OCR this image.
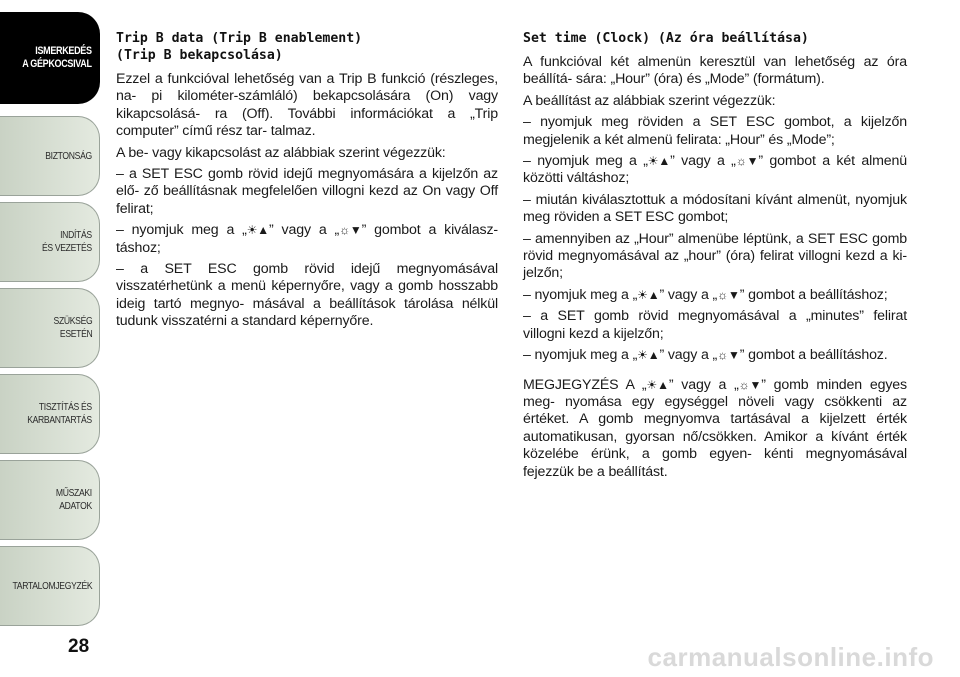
ISMERKEDÉS
A GÉPKOCSIVAL
BIZTONSÁG
INDÍTÁS
ÉS VEZETÉS
SZÜKSÉG
ESETÉN
TISZTÍTÁS ÉS
KARBANTARTÁS
MŰSZAKI
ADATOK
TARTALOMJEGYZÉK
28
Trip B data (Trip B enablement)
(Trip B bekapcsolása)

Ezzel a funkcióval lehetőség van a Trip B funkció (részleges, na- pi kilométer-számláló) bekapcsolására (On) vagy kikapcsolásá- ra (Off). További információkat a „Trip computer” című rész tar- talmaz.

A be- vagy kikapcsolást az alábbiak szerint végezzük:

– a SET ESC gomb rövid idejű megnyomására a kijelzőn az elő- ző beállításnak megfelelően villogni kezd az On vagy Off felirat;

– nyomjuk meg a „☀▲” vagy a „☼▼” gombot a kiválasz- táshoz;

– a SET ESC gomb rövid idejű megnyomásával visszatérhetünk a menü képernyőre, vagy a gomb hosszabb ideig tartó megnyo- másával a beállítások tárolása nélkül tudunk visszatérni a standard képernyőre.

Set time (Clock) (Az óra beállítása)

A funkcióval két almenün keresztül van lehetőség az óra beállítá- sára: „Hour” (óra) és „Mode” (formátum).

A beállítást az alábbiak szerint végezzük:

– nyomjuk meg röviden a SET ESC gombot, a kijelzőn megjelenik a két almenü felirata: „Hour” és „Mode”;

– nyomjuk meg a „☀▲” vagy a „☼▼” gombot a két almenü közötti váltáshoz;

– miután kiválasztottuk a módosítani kívánt almenüt, nyomjuk meg röviden a SET ESC gombot;

– amennyiben az „Hour” almenübe léptünk, a SET ESC gomb rövid megnyomásával az „hour” (óra) felirat villogni kezd a ki- jelzőn;

– nyomjuk meg a „☀▲” vagy a „☼▼” gombot a beállításhoz;

– a SET gomb rövid megnyomásával a „minutes” felirat villogni kezd a kijelzőn;

– nyomjuk meg a „☀▲” vagy a „☼▼” gombot a beállításhoz.

MEGJEGYZÉS A „☀▲” vagy a „☼▼” gomb minden egyes meg- nyomása egy egységgel növeli vagy csökkenti az értéket. A gomb megnyomva tartásával a kijelzett érték automatikusan, gyorsan nő/csökken. Amikor a kívánt érték közelébe érünk, a gomb egyen- kénti megnyomásával fejezzük be a beállítást.

carmanualsonline.info
